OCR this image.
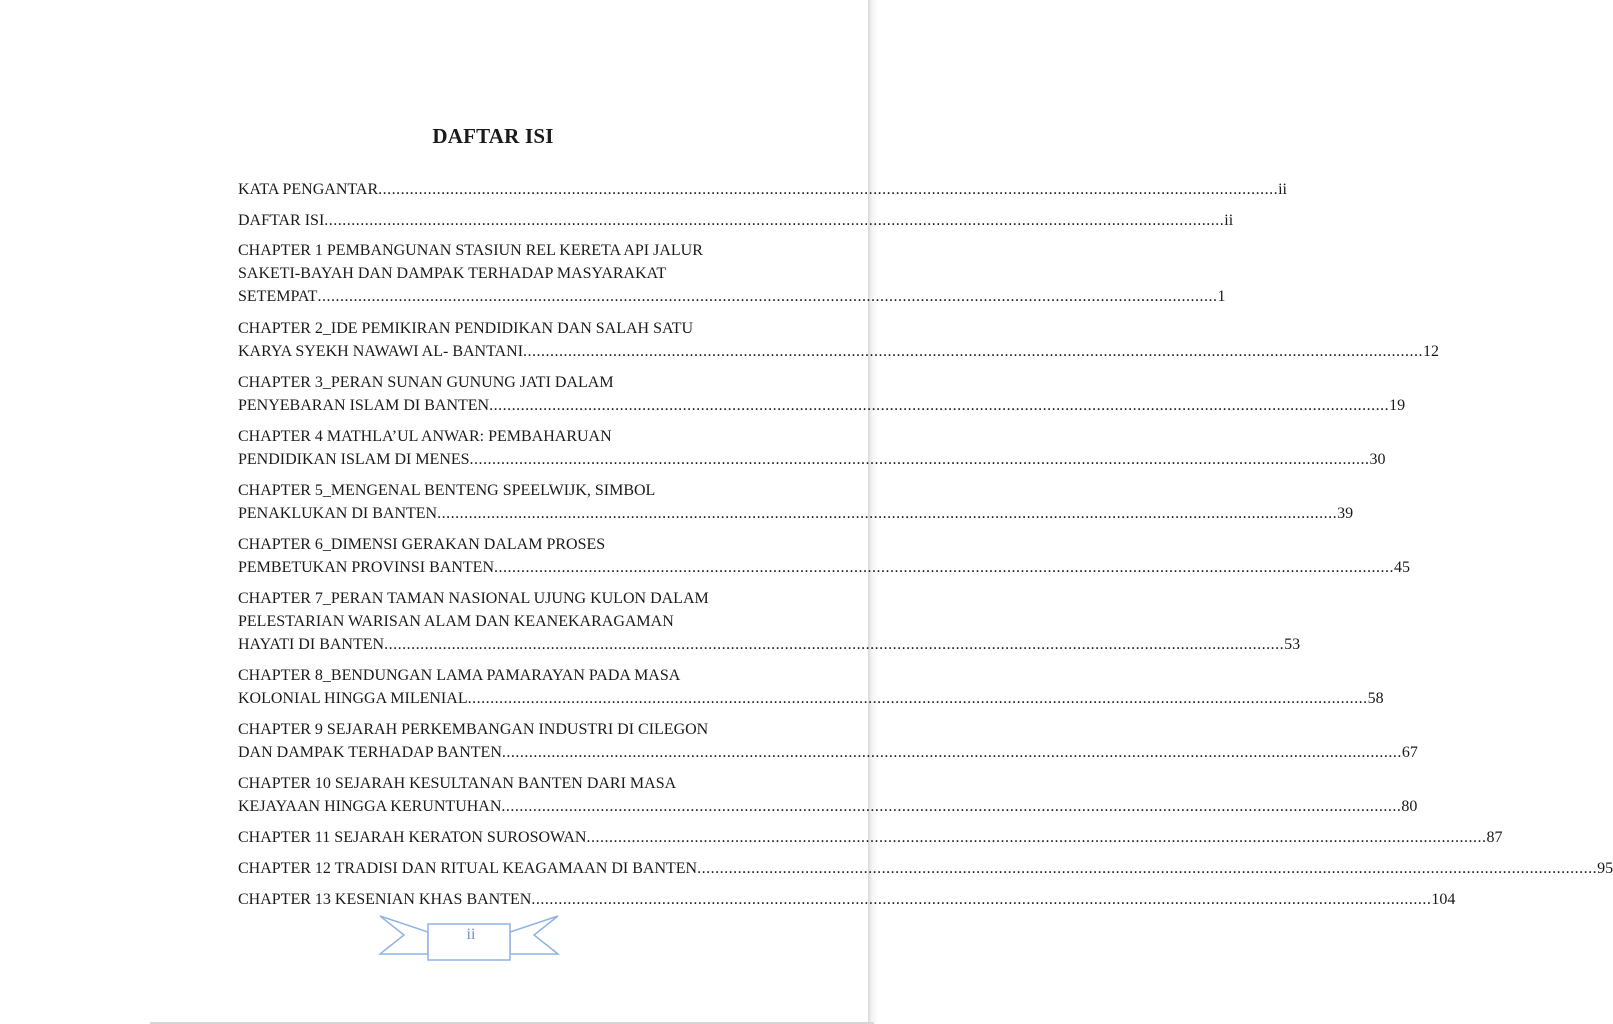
DAFTAR ISI
KATA PENGANTAR ........................................................................................................................................................................................................ ii
DAFTAR ISI ........................................................................................................................................................................................................ ii
CHAPTER 1 PEMBANGUNAN STASIUN REL KERETA API JALUR
SAKETI-BAYAH DAN DAMPAK TERHADAP MASYARAKAT
SETEMPAT ........................................................................................................................................................................................................ 1
CHAPTER 2_IDE PEMIKIRAN PENDIDIKAN DAN SALAH SATU
KARYA SYEKH NAWAWI AL- BANTANI ........................................................................................................................................................................................................ 12
CHAPTER 3_PERAN SUNAN GUNUNG JATI DALAM
PENYEBARAN ISLAM DI BANTEN ........................................................................................................................................................................................................ 19
CHAPTER 4 MATHLA’UL ANWAR: PEMBAHARUAN
PENDIDIKAN ISLAM DI MENES ........................................................................................................................................................................................................ 30
CHAPTER 5_MENGENAL BENTENG SPEELWIJK, SIMBOL
PENAKLUKAN DI BANTEN ........................................................................................................................................................................................................ 39
CHAPTER 6_DIMENSI GERAKAN DALAM PROSES
PEMBETUKAN PROVINSI BANTEN ........................................................................................................................................................................................................ 45
CHAPTER 7_PERAN TAMAN NASIONAL UJUNG KULON DALAM
PELESTARIAN WARISAN ALAM DAN KEANEKARAGAMAN
HAYATI DI BANTEN ........................................................................................................................................................................................................ 53
CHAPTER 8_BENDUNGAN LAMA PAMARAYAN PADA MASA
KOLONIAL HINGGA MILENIAL ........................................................................................................................................................................................................ 58
CHAPTER 9 SEJARAH PERKEMBANGAN INDUSTRI DI CILEGON
DAN DAMPAK TERHADAP BANTEN ........................................................................................................................................................................................................ 67
CHAPTER 10 SEJARAH KESULTANAN BANTEN DARI MASA
KEJAYAAN HINGGA KERUNTUHAN ........................................................................................................................................................................................................ 80
CHAPTER 11 SEJARAH KERATON SUROSOWAN ........................................................................................................................................................................................................ 87
CHAPTER 12 TRADISI DAN RITUAL KEAGAMAAN DI BANTEN ........................................................................................................................................................................................................ 95
CHAPTER 13 KESENIAN KHAS BANTEN ........................................................................................................................................................................................................ 104
ii
